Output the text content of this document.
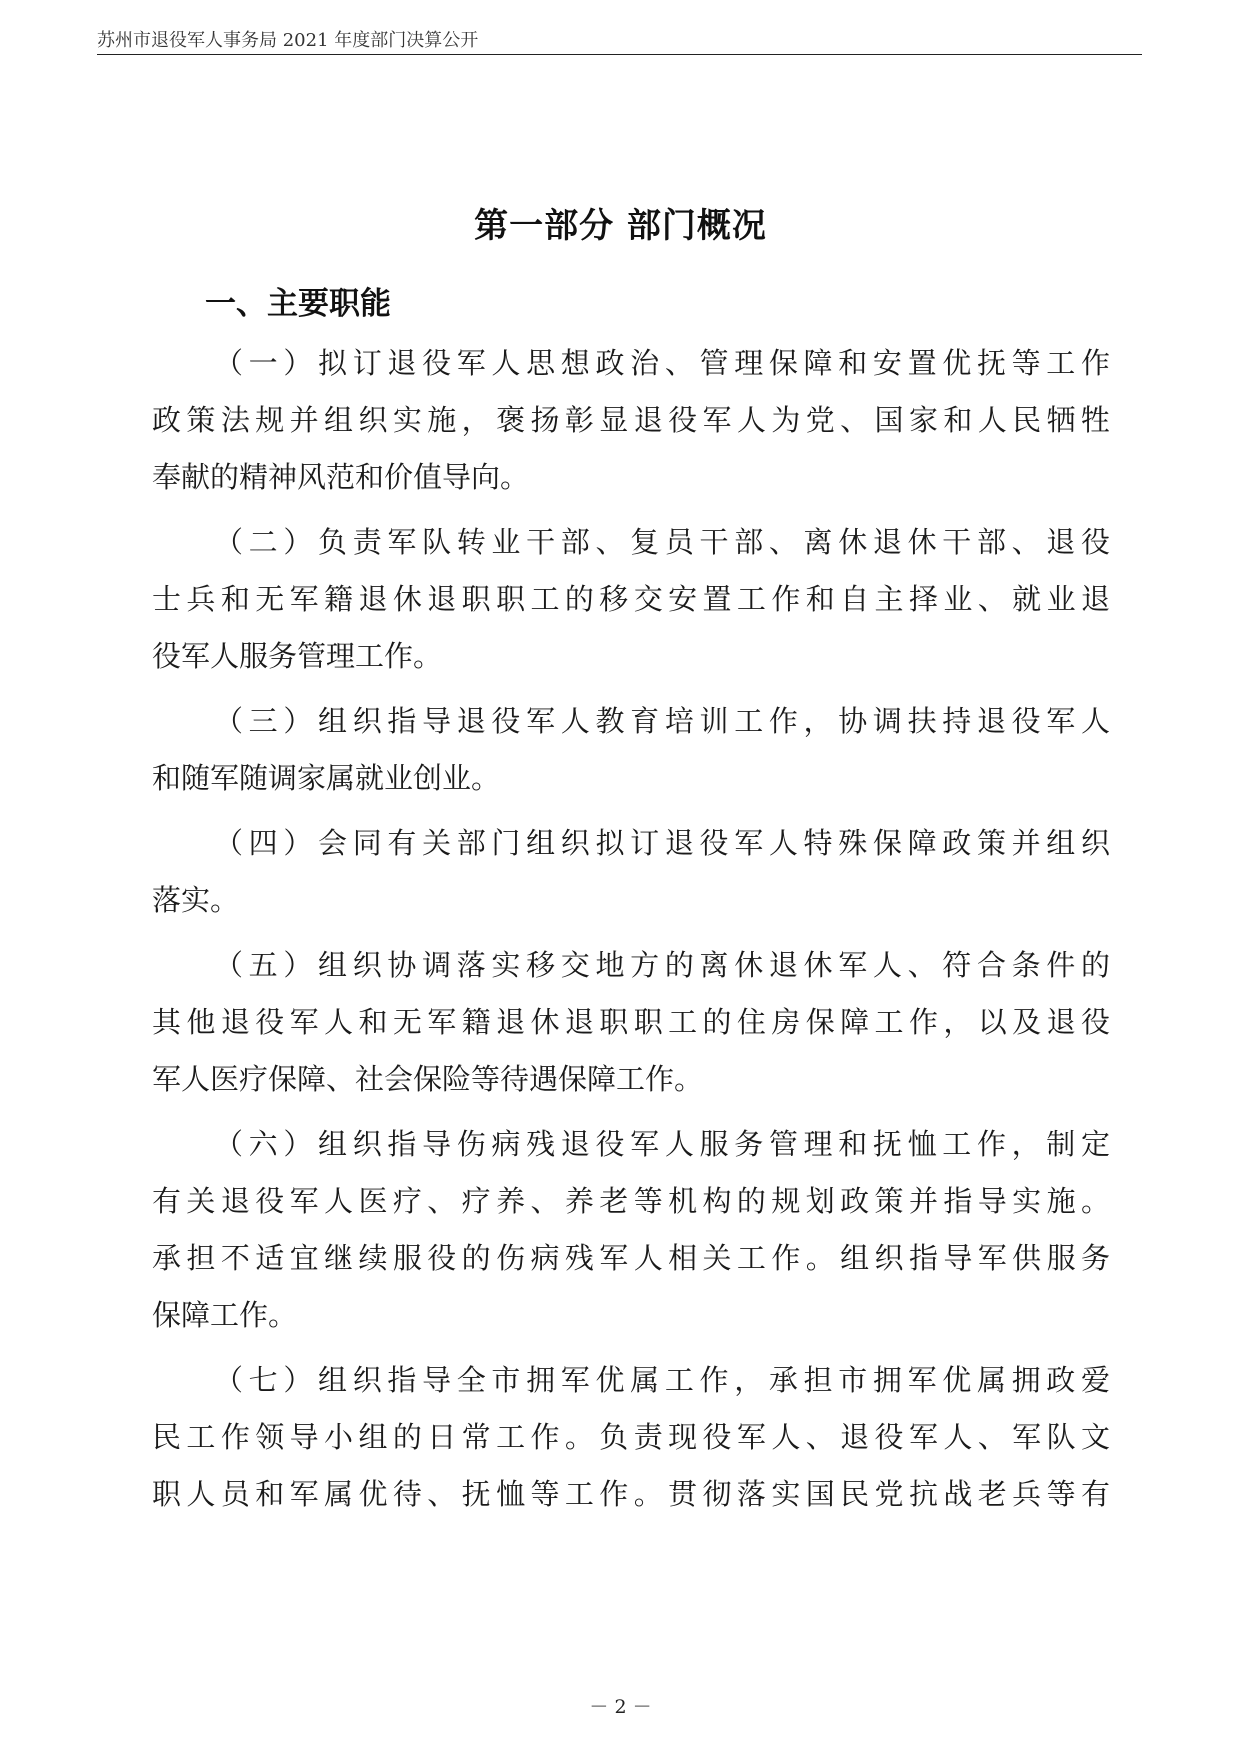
苏州市退役军人事务局 2021 年度部门决算公开
第一部分 部门概况
一、主要职能
（一）拟订退役军人思想政治、管理保障和安置优抚等工作
政策法规并组织实施，褒扬彰显退役军人为党、国家和人民牺牲
奉献的精神风范和价值导向。
（二）负责军队转业干部、复员干部、离休退休干部、退役
士兵和无军籍退休退职职工的移交安置工作和自主择业、就业退
役军人服务管理工作。
（三）组织指导退役军人教育培训工作，协调扶持退役军人
和随军随调家属就业创业。
（四）会同有关部门组织拟订退役军人特殊保障政策并组织
落实。
（五）组织协调落实移交地方的离休退休军人、符合条件的
其他退役军人和无军籍退休退职职工的住房保障工作，以及退役
军人医疗保障、社会保险等待遇保障工作。
（六）组织指导伤病残退役军人服务管理和抚恤工作，制定
有关退役军人医疗、疗养、养老等机构的规划政策并指导实施。
承担不适宜继续服役的伤病残军人相关工作。组织指导军供服务
保障工作。
（七）组织指导全市拥军优属工作，承担市拥军优属拥政爱
民工作领导小组的日常工作。负责现役军人、退役军人、军队文
职人员和军属优待、抚恤等工作。贯彻落实国民党抗战老兵等有
－ 2 －
